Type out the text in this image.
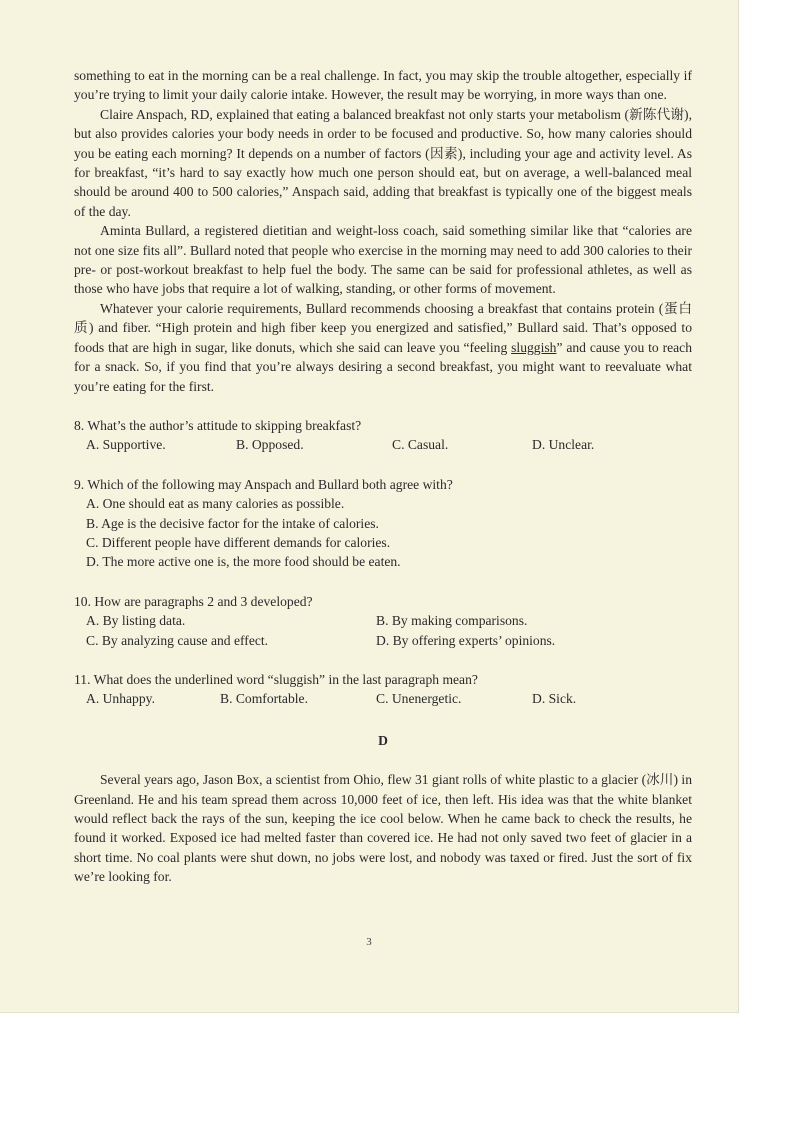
something to eat in the morning can be a real challenge. In fact, you may skip the trouble altogether, especially if you’re trying to limit your daily calorie intake. However, the result may be worrying, in more ways than one.

Claire Anspach, RD, explained that eating a balanced breakfast not only starts your metabolism (新陈代谢), but also provides calories your body needs in order to be focused and productive. So, how many calories should you be eating each morning? It depends on a number of factors (因素), including your age and activity level. As for breakfast, “it’s hard to say exactly how much one person should eat, but on average, a well-balanced meal should be around 400 to 500 calories,” Anspach said, adding that breakfast is typically one of the biggest meals of the day.

Aminta Bullard, a registered dietitian and weight-loss coach, said something similar like that “calories are not one size fits all”. Bullard noted that people who exercise in the morning may need to add 300 calories to their pre- or post-workout breakfast to help fuel the body. The same can be said for professional athletes, as well as those who have jobs that require a lot of walking, standing, or other forms of movement.

Whatever your calorie requirements, Bullard recommends choosing a breakfast that contains protein (蛋白质) and fiber. “High protein and high fiber keep you energized and satisfied,” Bullard said. That’s opposed to foods that are high in sugar, like donuts, which she said can leave you “feeling sluggish” and cause you to reach for a snack. So, if you find that you’re always desiring a second breakfast, you might want to reevaluate what you’re eating for the first.

8. What’s the author’s attitude to skipping breakfast?

A. Supportive.	B. Opposed.	C. Casual.	D. Unclear.

9. Which of the following may Anspach and Bullard both agree with?

A. One should eat as many calories as possible.
B. Age is the decisive factor for the intake of calories.
C. Different people have different demands for calories.
D. The more active one is, the more food should be eaten.

10. How are paragraphs 2 and 3 developed?

A. By listing data.	B. By making comparisons.
C. By analyzing cause and effect.	D. By offering experts’ opinions.

11. What does the underlined word “sluggish” in the last paragraph mean?

A. Unhappy.	B. Comfortable.	C. Unenergetic.	D. Sick.
D

Several years ago, Jason Box, a scientist from Ohio, flew 31 giant rolls of white plastic to a glacier (冰川) in Greenland. He and his team spread them across 10,000 feet of ice, then left. His idea was that the white blanket would reflect back the rays of the sun, keeping the ice cool below. When he came back to check the results, he found it worked. Exposed ice had melted faster than covered ice. He had not only saved two feet of glacier in a short time. No coal plants were shut down, no jobs were lost, and nobody was taxed or fired. Just the sort of fix we’re looking for.

3
